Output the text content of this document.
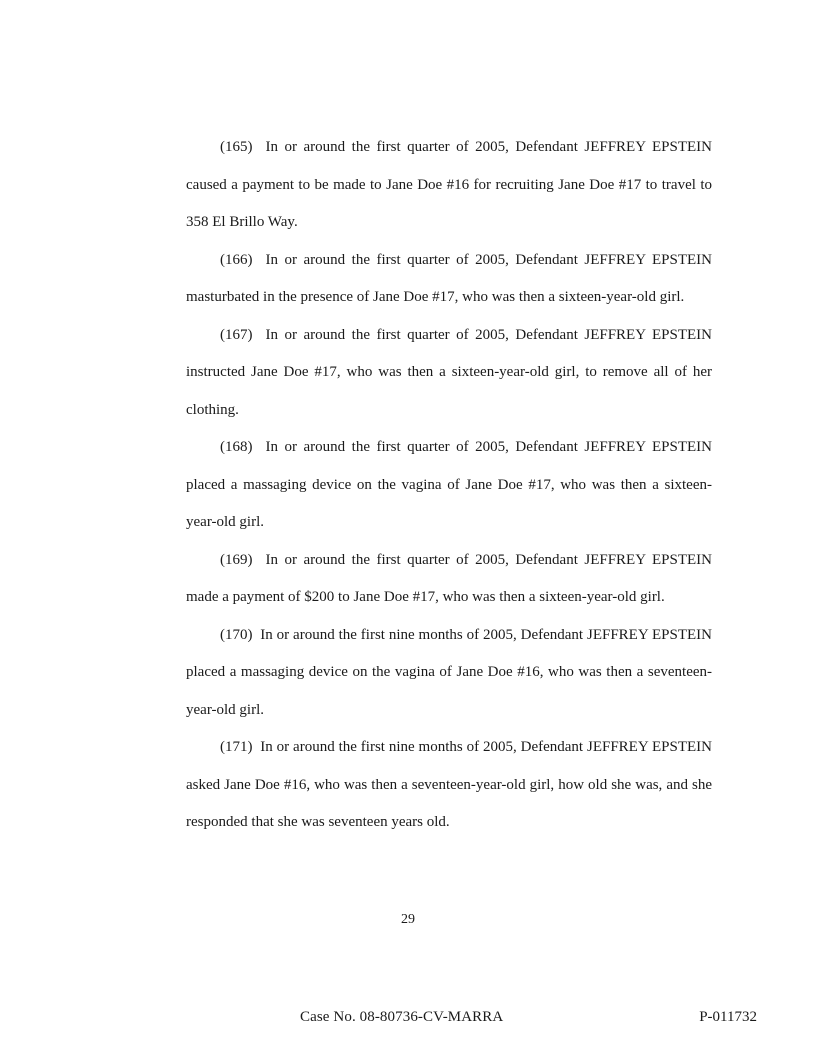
(165) In or around the first quarter of 2005, Defendant JEFFREY EPSTEIN caused a payment to be made to Jane Doe #16 for recruiting Jane Doe #17 to travel to 358 El Brillo Way.

(166) In or around the first quarter of 2005, Defendant JEFFREY EPSTEIN masturbated in the presence of Jane Doe #17, who was then a sixteen-year-old girl.

(167) In or around the first quarter of 2005, Defendant JEFFREY EPSTEIN instructed Jane Doe #17, who was then a sixteen-year-old girl, to remove all of her clothing.

(168) In or around the first quarter of 2005, Defendant JEFFREY EPSTEIN placed a massaging device on the vagina of Jane Doe #17, who was then a sixteen-year-old girl.

(169) In or around the first quarter of 2005, Defendant JEFFREY EPSTEIN made a payment of $200 to Jane Doe #17, who was then a sixteen-year-old girl.

(170) In or around the first nine months of 2005, Defendant JEFFREY EPSTEIN placed a massaging device on the vagina of Jane Doe #16, who was then a seventeen-year-old girl.

(171) In or around the first nine months of 2005, Defendant JEFFREY EPSTEIN asked Jane Doe #16, who was then a seventeen-year-old girl, how old she was, and she responded that she was seventeen years old.

29
Case No. 08-80736-CV-MARRA	P-011732
